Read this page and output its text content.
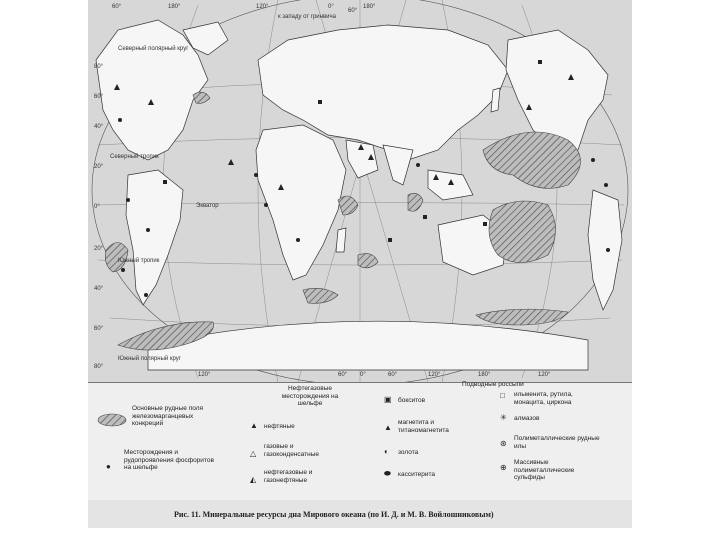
60°	180°	120°
к западу от гринвича
0°
60°
180°
Северный полярный круг
Северный тропик
Экватор
Южный тропик
Южный полярный круг
80°
60°
40°
20°
0°
20°
40°
60°
80°
120°	60° 0°	60°	120°	180°	120°
Основные рудные поля железомарганцевых конкреций
●
Месторождения и рудопроявления фосфоритов на шельфе
Нефтегазовые месторождения на шельфе
▲ нефтяные
△
газовые и газоконденсатные
◭
нефтегазовые и газонефтяные
▣ бокситов
▲
магнетита и титаномагнетита
◐ золота
⬬ касситерита
Подводные россыпи
□ ильменита, рутила, монацита, циркона
✳ алмазов
⊛
Полиметаллические рудные илы
⊕
Массивные полиметаллические сульфиды
Рис. 11. Минеральные ресурсы дна Мирового океана (по И. Д. и М. В. Войлошниковым)
